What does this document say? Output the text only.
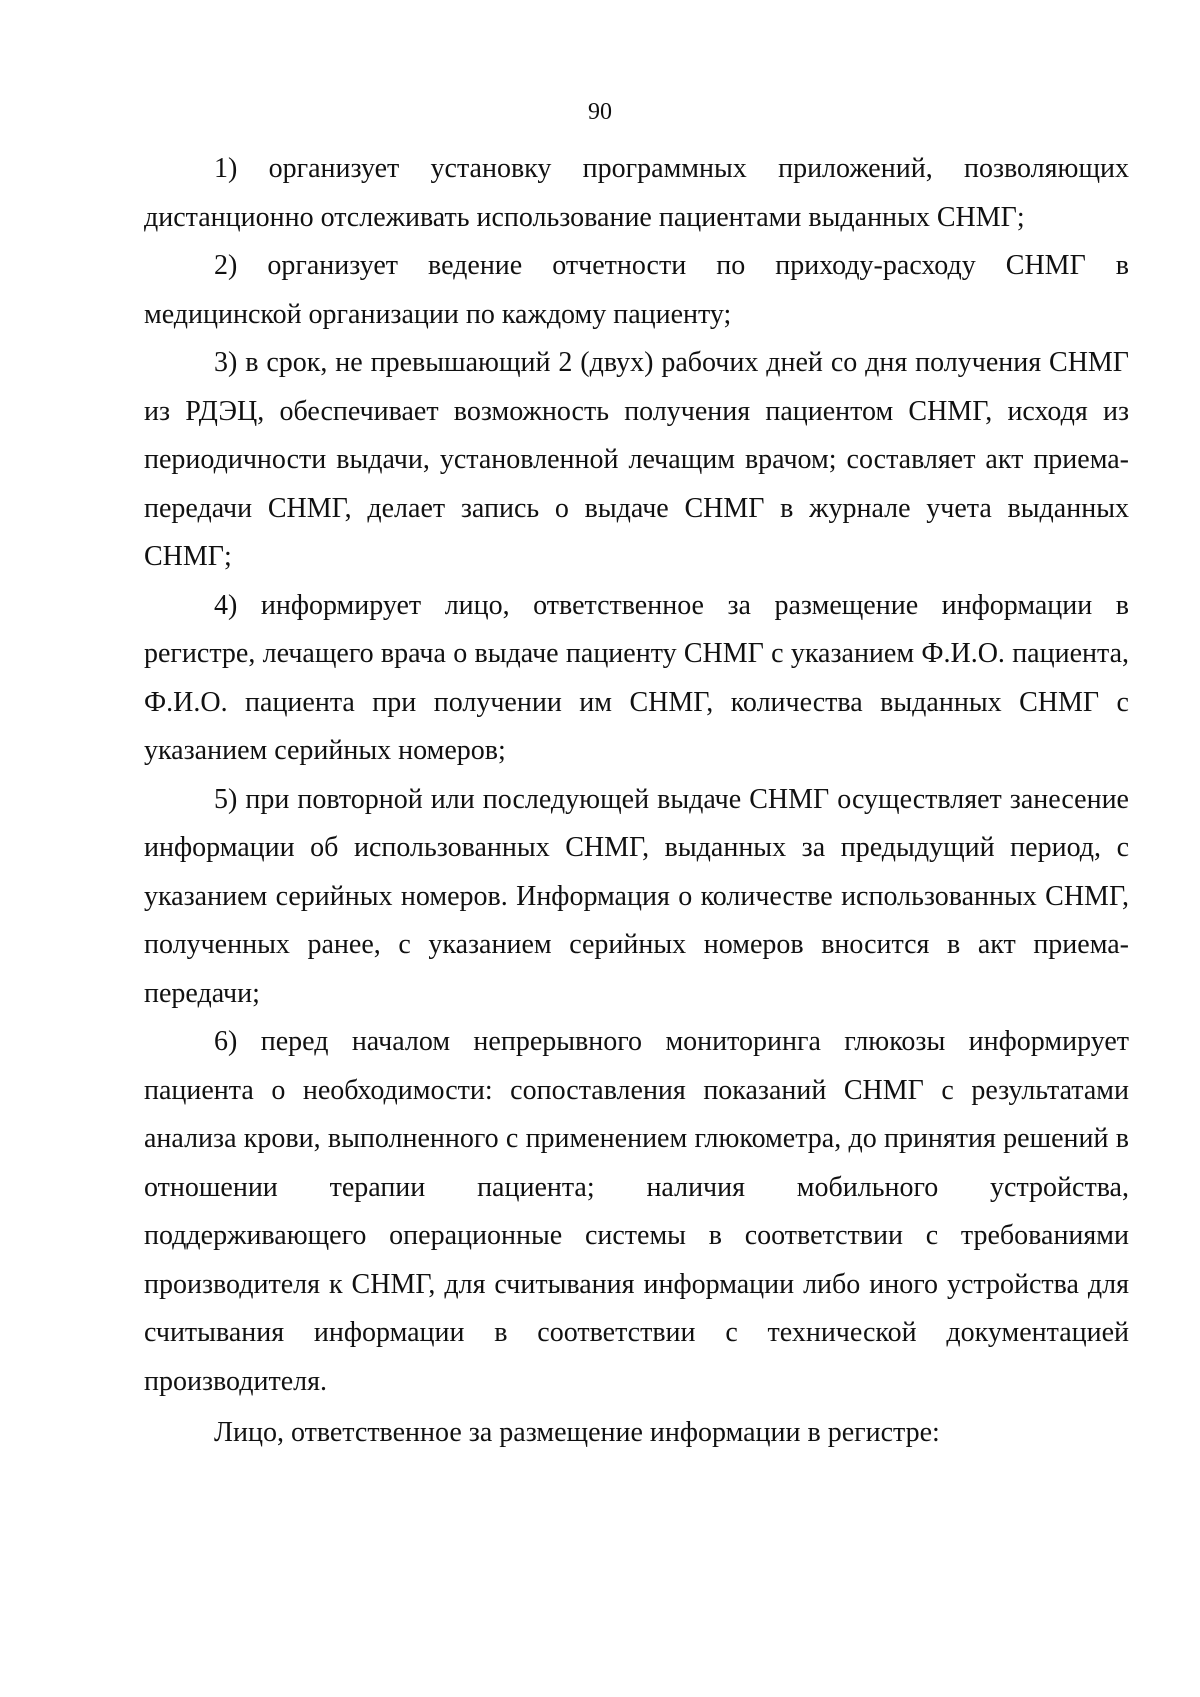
90

1) организует установку программных приложений, позволяющих дистанционно отслеживать использование пациентами выданных СНМГ;

2) организует ведение отчетности по приходу-расходу СНМГ в медицинской организации по каждому пациенту;

3) в срок, не превышающий 2 (двух) рабочих дней со дня получения СНМГ из РДЭЦ, обеспечивает возможность получения пациентом СНМГ, исходя из периодичности выдачи, установленной лечащим врачом; составляет акт приема-передачи СНМГ, делает запись о выдаче СНМГ в журнале учета выданных СНМГ;

4) информирует лицо, ответственное за размещение информации в регистре, лечащего врача о выдаче пациенту СНМГ с указанием Ф.И.О. пациента, Ф.И.О. пациента при получении им СНМГ, количества выданных СНМГ с указанием серийных номеров;

5) при повторной или последующей выдаче СНМГ осуществляет занесение информации об использованных СНМГ, выданных за предыдущий период, с указанием серийных номеров. Информация о количестве использованных СНМГ, полученных ранее, с указанием серийных номеров вносится в акт приема-передачи;

6) перед началом непрерывного мониторинга глюкозы информирует пациента о необходимости: сопоставления показаний СНМГ с результатами анализа крови, выполненного с применением глюкометра, до принятия решений в отношении терапии пациента; наличия мобильного устройства, поддерживающего операционные системы в соответствии с требованиями производителя к СНМГ, для считывания информации либо иного устройства для считывания информации в соответствии с технической документацией производителя.

Лицо, ответственное за размещение информации в регистре:
